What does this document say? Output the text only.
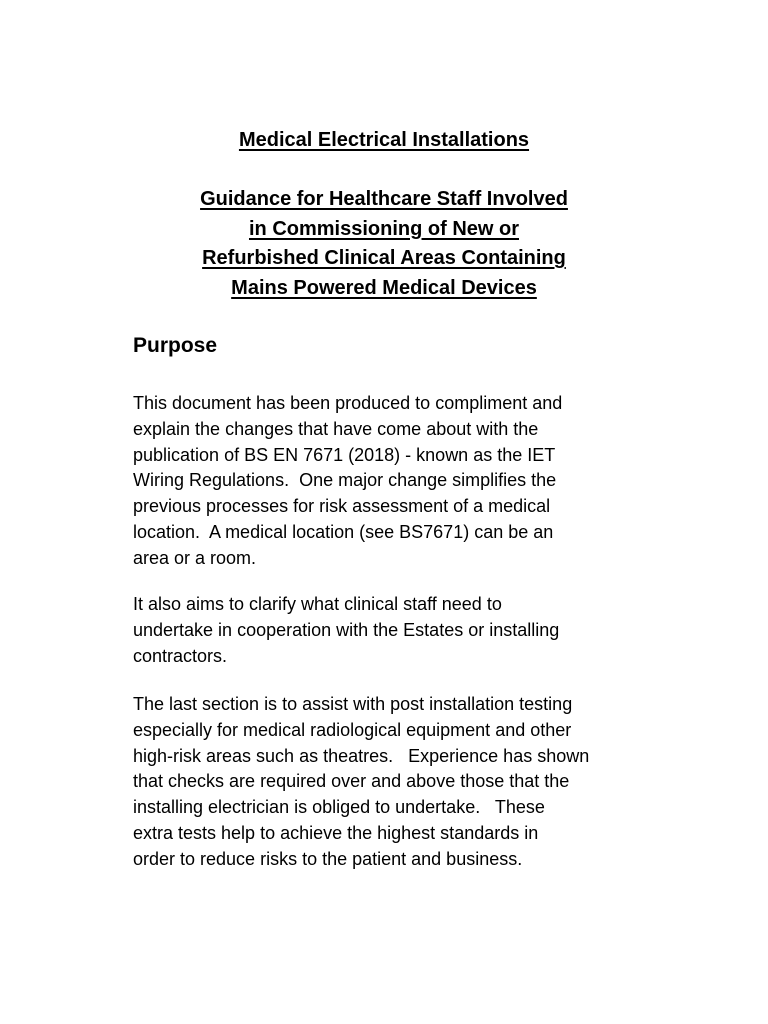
Medical Electrical Installations
Guidance for Healthcare Staff Involved
in Commissioning of New or
Refurbished Clinical Areas Containing
Mains Powered Medical Devices
Purpose
This document has been produced to compliment and
explain the changes that have come about with the
publication of BS EN 7671 (2018) - known as the IET
Wiring Regulations.  One major change simplifies the
previous processes for risk assessment of a medical
location.  A medical location (see BS7671) can be an
area or a room.
It also aims to clarify what clinical staff need to
undertake in cooperation with the Estates or installing
contractors.
The last section is to assist with post installation testing
especially for medical radiological equipment and other
high-risk areas such as theatres.   Experience has shown
that checks are required over and above those that the
installing electrician is obliged to undertake.   These
extra tests help to achieve the highest standards in
order to reduce risks to the patient and business.
